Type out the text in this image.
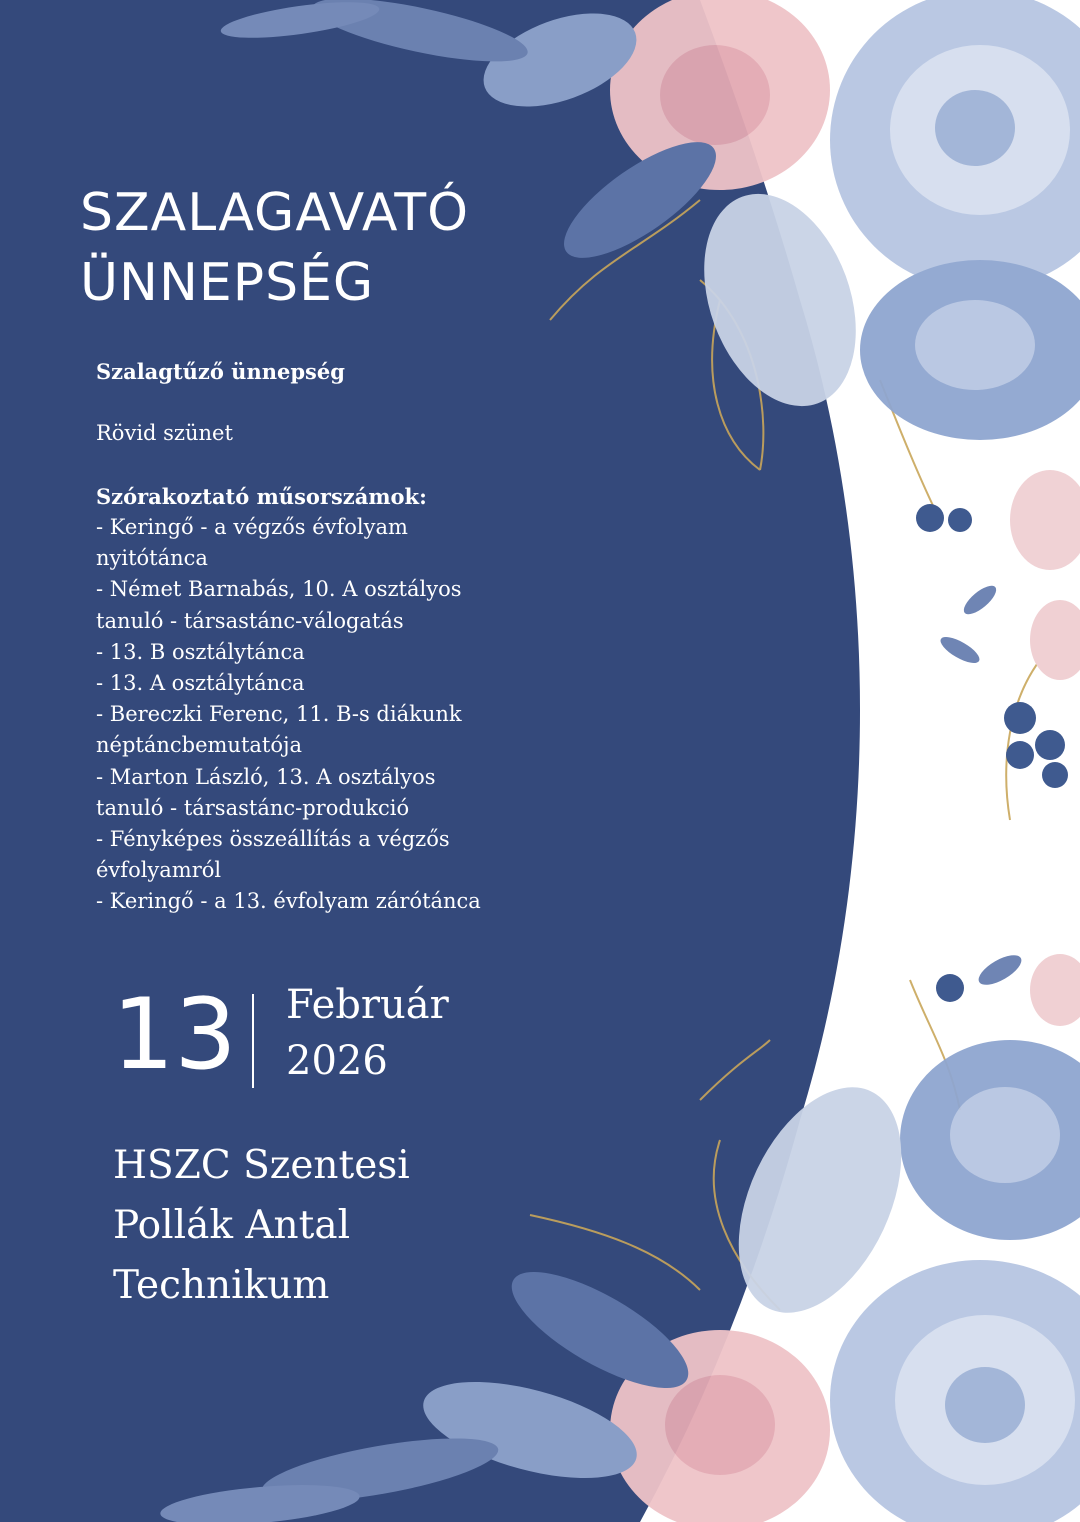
SZALAGAVATÓ
ÜNNEPSÉG
Szalagtűző ünnepség
Rövid szünet
Szórakoztató műsorszámok:
- Keringő - a végzős évfolyam
nyitótánca
- Német Barnabás, 10. A osztályos
tanuló - társastánc-válogatás
- 13. B osztálytánca
- 13. A osztálytánca
- Bereczki Ferenc, 11. B-s diákunk
néptáncbemutatója
- Marton László, 13. A osztályos
tanuló - társastánc-produkció
- Fényképes összeállítás a végzős
évfolyamról
- Keringő - a 13. évfolyam zárótánca
13 Február
2026
HSZC Szentesi
Pollák Antal
Technikum
